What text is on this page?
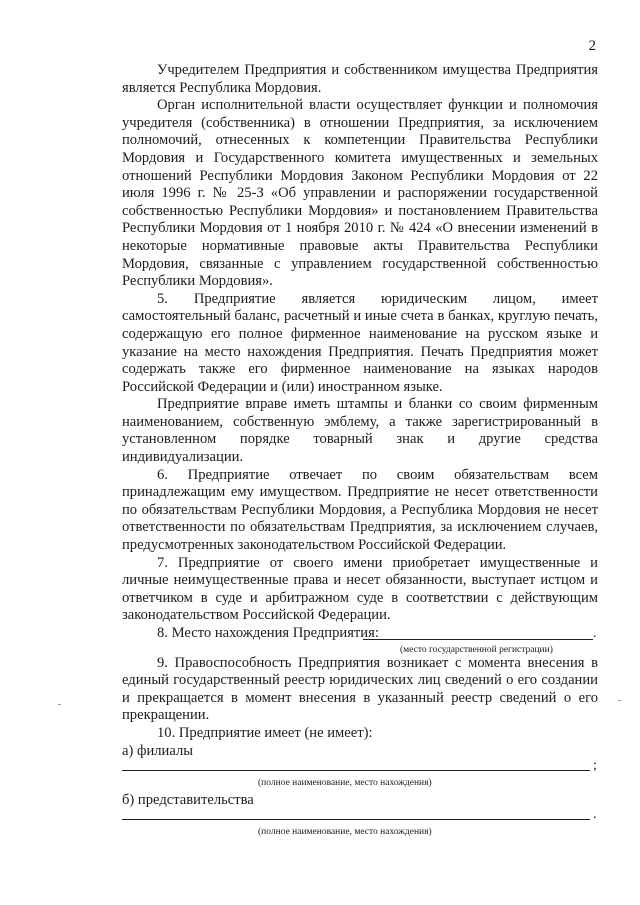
2

Учредителем Предприятия и собственником имущества Предприятия является Республика Мордовия.

Орган исполнительной власти осуществляет функции и полномочия учредителя (собственника) в отношении Предприятия, за исключением полномочий, отнесенных к компетенции Правительства Республики Мордовия и Государственного комитета имущественных и земельных отношений Республики Мордовия Законом Республики Мордовия от 22 июля 1996 г. № 25-З «Об управлении и распоряжении государственной собственностью Республики Мордовия» и постановлением Правительства Республики Мордовия от 1 ноября 2010 г. № 424 «О внесении изменений в некоторые нормативные правовые акты Правительства Республики Мордовия, связанные с управлением государственной собственностью Республики Мордовия».

5. Предприятие является юридическим лицом, имеет самостоятельный баланс, расчетный и иные счета в банках, круглую печать, содержащую его полное фирменное наименование на русском языке и указание на место нахождения Предприятия. Печать Предприятия может содержать также его фирменное наименование на языках народов Российской Федерации и (или) иностранном языке.

Предприятие вправе иметь штампы и бланки со своим фирменным наименованием, собственную эмблему, а также зарегистрированный в установленном порядке товарный знак и другие средства индивидуализации.

6. Предприятие отвечает по своим обязательствам всем принадлежащим ему имуществом. Предприятие не несет ответственности по обязательствам Республики Мордовия, а Республика Мордовия не несет ответственности по обязательствам Предприятия, за исключением случаев, предусмотренных законодательством Российской Федерации.

7. Предприятие от своего имени приобретает имущественные и личные неимущественные права и несет обязанности, выступает истцом и ответчиком в суде и арбитражном суде в соответствии с действующим законодательством Российской Федерации.

8. Место нахождения Предприятия:	.
(место государственной регистрации)

9. Правоспособность Предприятия возникает с момента внесения в единый государственный реестр юридических лиц сведений о его создании и прекращается в момент внесения в указанный реестр сведений о его прекращении.

10. Предприятие имеет (не имеет):
а) филиалы
;
(полное наименование, место нахождения)
б) представительства
.
(полное наименование, место нахождения)
